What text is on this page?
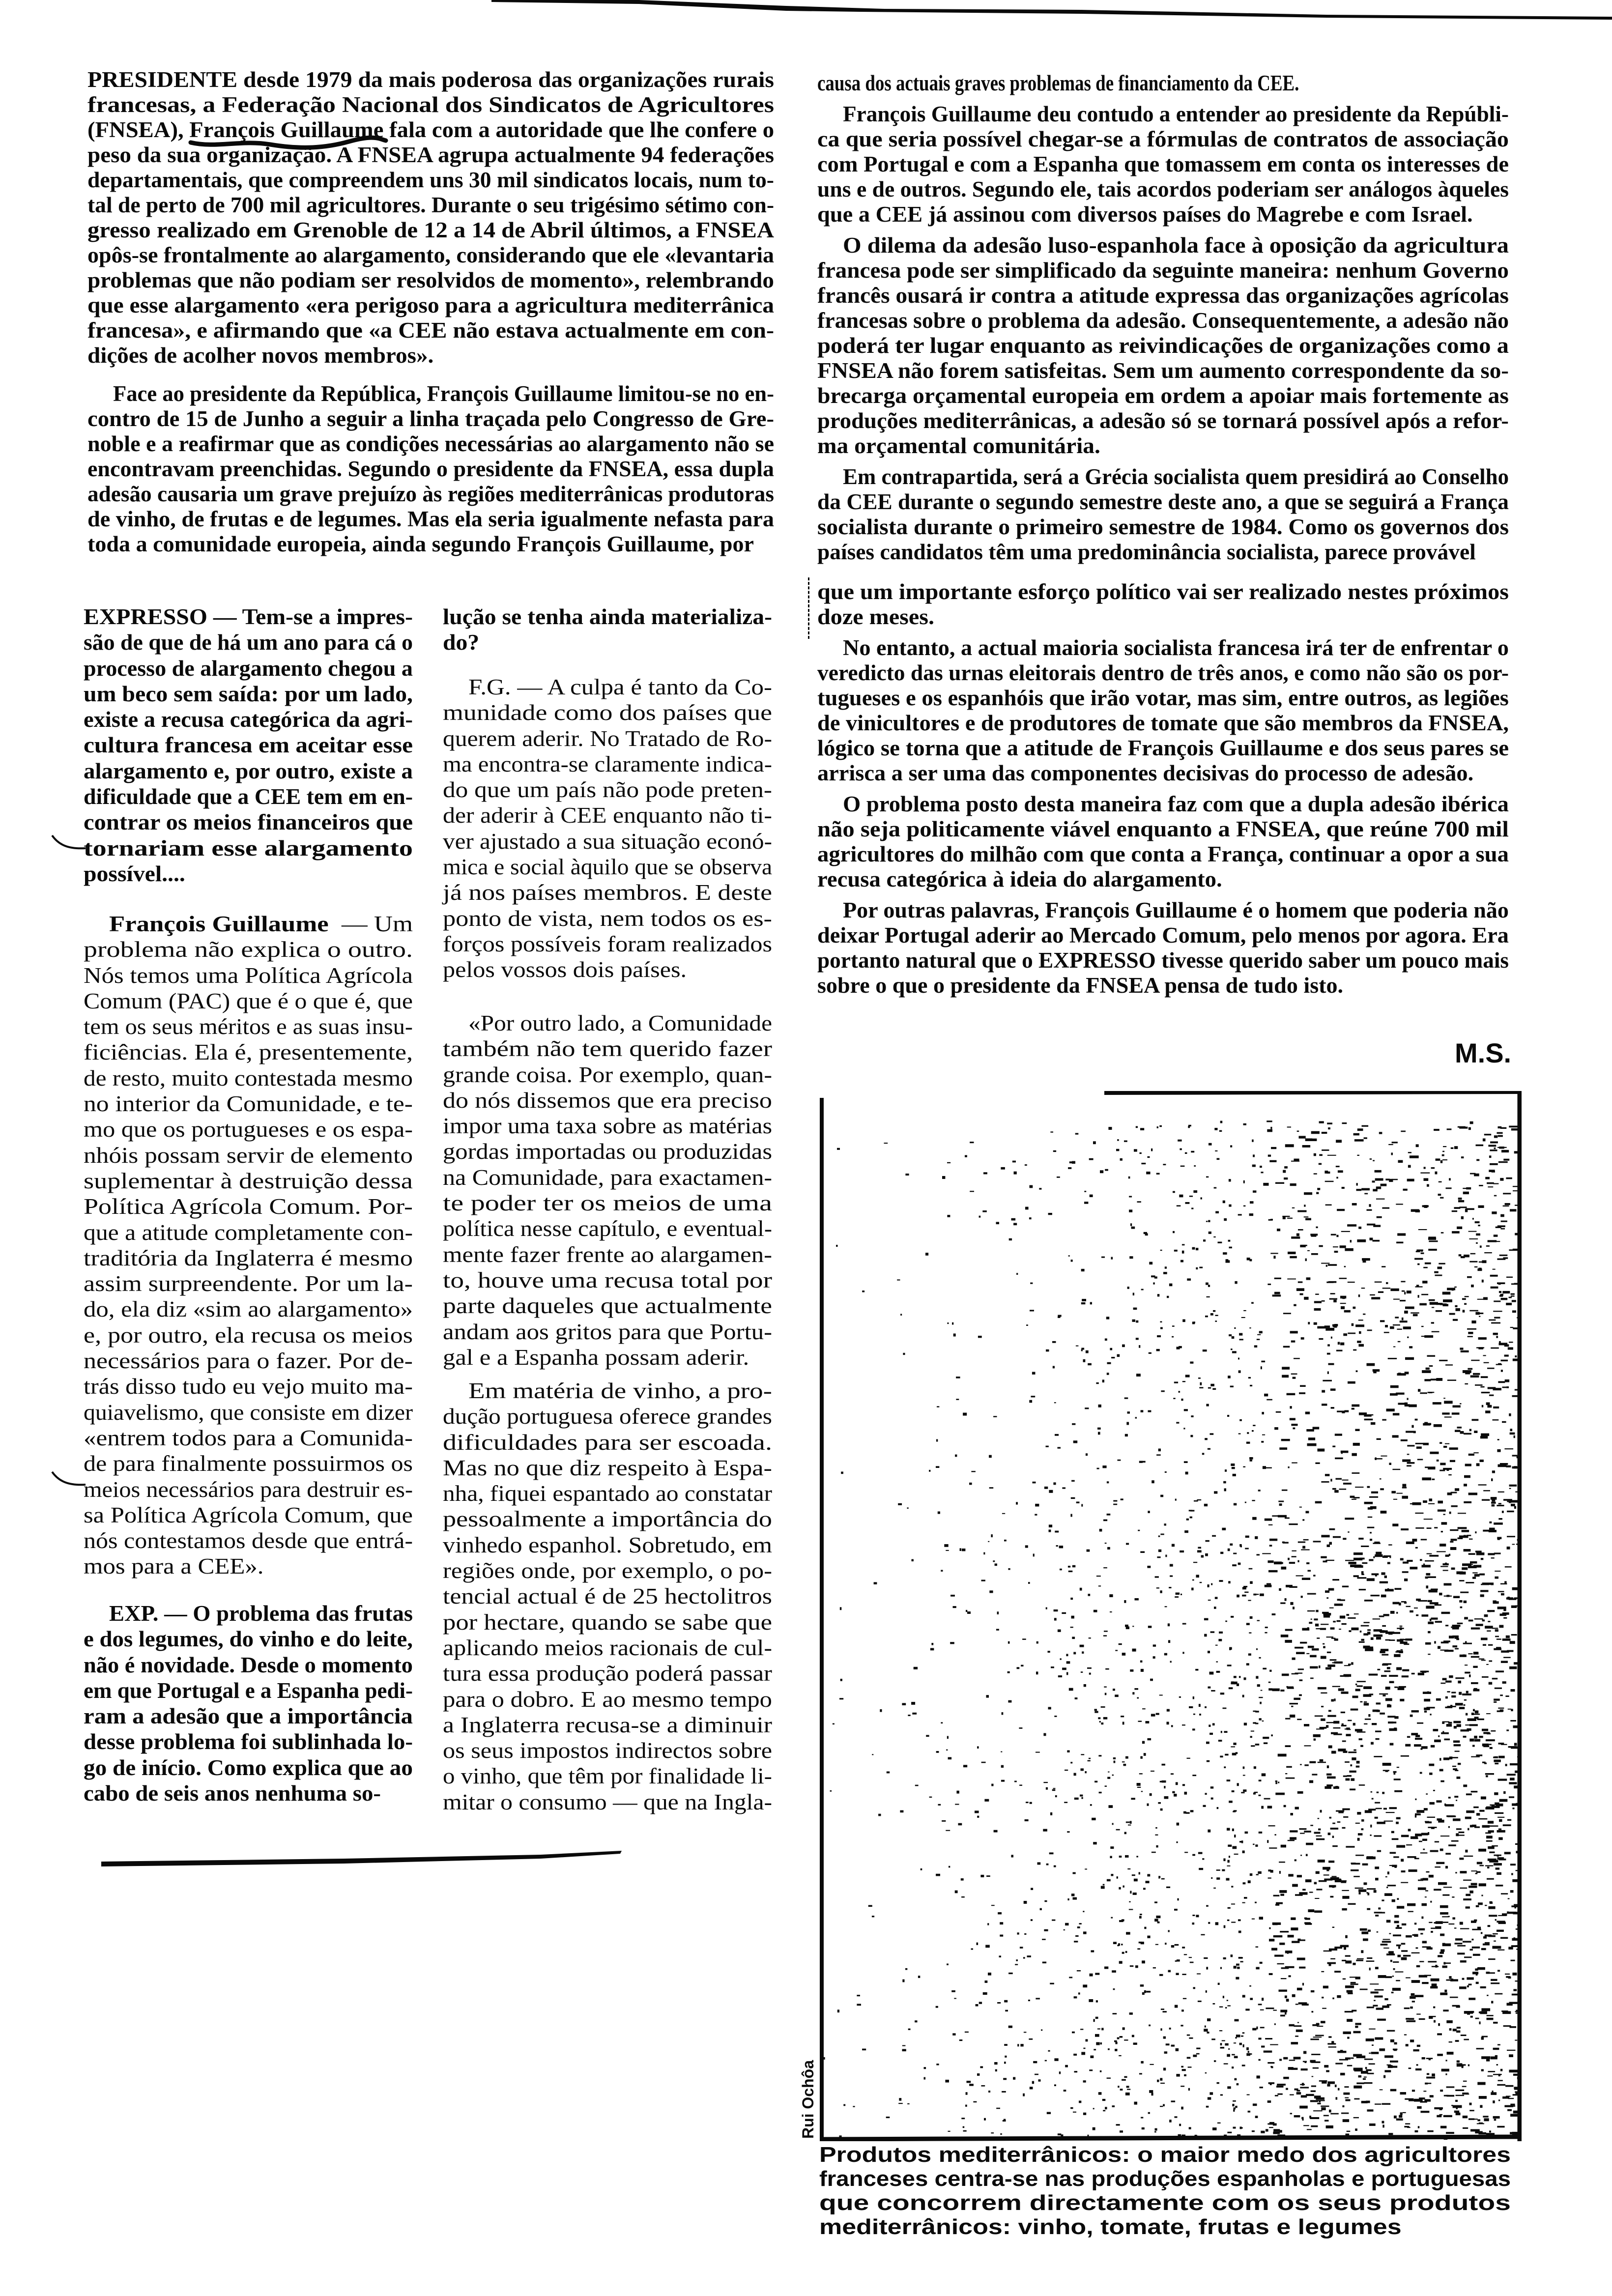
PRESIDENTE desde 1979 da mais poderosa das organizações rurais
francesas, a Federação Nacional dos Sindicatos de Agricultores
(FNSEA), François Guillaume fala com a autoridade que lhe confere o
peso da sua organização. A FNSEA agrupa actualmente 94 federações
departamentais, que compreendem uns 30 mil sindicatos locais, num to-
tal de perto de 700 mil agricultores. Durante o seu trigésimo sétimo con-
gresso realizado em Grenoble de 12 a 14 de Abril últimos, a FNSEA
opôs-se frontalmente ao alargamento, considerando que ele «levantaria
problemas que não podiam ser resolvidos de momento», relembrando
que esse alargamento «era perigoso para a agricultura mediterrânica
francesa», e afirmando que «a CEE não estava actualmente em con-
dições de acolher novos membros».
Face ao presidente da República, François Guillaume limitou-se no en-
contro de 15 de Junho a seguir a linha traçada pelo Congresso de Gre-
noble e a reafirmar que as condições necessárias ao alargamento não se
encontravam preenchidas. Segundo o presidente da FNSEA, essa dupla
adesão causaria um grave prejuízo às regiões mediterrânicas produtoras
de vinho, de frutas e de legumes. Mas ela seria igualmente nefasta para
toda a comunidade europeia, ainda segundo François Guillaume, por
causa dos actuais graves problemas de financiamento da CEE.
François Guillaume deu contudo a entender ao presidente da Repúbli-
ca que seria possível chegar-se a fórmulas de contratos de associação
com Portugal e com a Espanha que tomassem em conta os interesses de
uns e de outros. Segundo ele, tais acordos poderiam ser análogos àqueles
que a CEE já assinou com diversos países do Magrebe e com Israel.
O dilema da adesão luso-espanhola face à oposição da agricultura
francesa pode ser simplificado da seguinte maneira: nenhum Governo
francês ousará ir contra a atitude expressa das organizações agrícolas
francesas sobre o problema da adesão. Consequentemente, a adesão não
poderá ter lugar enquanto as reivindicações de organizações como a
FNSEA não forem satisfeitas. Sem um aumento correspondente da so-
brecarga orçamental europeia em ordem a apoiar mais fortemente as
produções mediterrânicas, a adesão só se tornará possível após a refor-
ma orçamental comunitária.
Em contrapartida, será a Grécia socialista quem presidirá ao Conselho
da CEE durante o segundo semestre deste ano, a que se seguirá a França
socialista durante o primeiro semestre de 1984. Como os governos dos
países candidatos têm uma predominância socialista, parece provável
que um importante esforço político vai ser realizado nestes próximos
doze meses.
No entanto, a actual maioria socialista francesa irá ter de enfrentar o
veredicto das urnas eleitorais dentro de três anos, e como não são os por-
tugueses e os espanhóis que irão votar, mas sim, entre outros, as legiões
de vinicultores e de produtores de tomate que são membros da FNSEA,
lógico se torna que a atitude de François Guillaume e dos seus pares se
arrisca a ser uma das componentes decisivas do processo de adesão.
O problema posto desta maneira faz com que a dupla adesão ibérica
não seja politicamente viável enquanto a FNSEA, que reúne 700 mil
agricultores do milhão com que conta a França, continuar a opor a sua
recusa categórica à ideia do alargamento.
Por outras palavras, François Guillaume é o homem que poderia não
deixar Portugal aderir ao Mercado Comum, pelo menos por agora. Era
portanto natural que o EXPRESSO tivesse querido saber um pouco mais
sobre o que o presidente da FNSEA pensa de tudo isto.
M.S.
EXPRESSO — Tem-se a impres-
são de que de há um ano para cá o
processo de alargamento chegou a
um beco sem saída: por um lado,
existe a recusa categórica da agri-
cultura francesa em aceitar esse
alargamento e, por outro, existe a
dificuldade que a CEE tem em en-
contrar os meios financeiros que
tornariam esse alargamento
possível....
François Guillaume — Um
problema não explica o outro.
Nós temos uma Política Agrícola
Comum (PAC) que é o que é, que
tem os seus méritos e as suas insu-
ficiências. Ela é, presentemente,
de resto, muito contestada mesmo
no interior da Comunidade, e te-
mo que os portugueses e os espa-
nhóis possam servir de elemento
suplementar à destruição dessa
Política Agrícola Comum. Por-
que a atitude completamente con-
traditória da Inglaterra é mesmo
assim surpreendente. Por um la-
do, ela diz «sim ao alargamento»
e, por outro, ela recusa os meios
necessários para o fazer. Por de-
trás disso tudo eu vejo muito ma-
quiavelismo, que consiste em dizer
«entrem todos para a Comunida-
de para finalmente possuirmos os
meios necessários para destruir es-
sa Política Agrícola Comum, que
nós contestamos desde que entrá-
mos para a CEE».
EXP. — O problema das frutas
e dos legumes, do vinho e do leite,
não é novidade. Desde o momento
em que Portugal e a Espanha pedi-
ram a adesão que a importância
desse problema foi sublinhada lo-
go de início. Como explica que ao
cabo de seis anos nenhuma so-
lução se tenha ainda materializa-
do?
F.G. — A culpa é tanto da Co-
munidade como dos países que
querem aderir. No Tratado de Ro-
ma encontra-se claramente indica-
do que um país não pode preten-
der aderir à CEE enquanto não ti-
ver ajustado a sua situação econó-
mica e social àquilo que se observa
já nos países membros. E deste
ponto de vista, nem todos os es-
forços possíveis foram realizados
pelos vossos dois países.
«Por outro lado, a Comunidade
também não tem querido fazer
grande coisa. Por exemplo, quan-
do nós dissemos que era preciso
impor uma taxa sobre as matérias
gordas importadas ou produzidas
na Comunidade, para exactamen-
te poder ter os meios de uma
política nesse capítulo, e eventual-
mente fazer frente ao alargamen-
to, houve uma recusa total por
parte daqueles que actualmente
andam aos gritos para que Portu-
gal e a Espanha possam aderir.
Em matéria de vinho, a pro-
dução portuguesa oferece grandes
dificuldades para ser escoada.
Mas no que diz respeito à Espa-
nha, fiquei espantado ao constatar
pessoalmente a importância do
vinhedo espanhol. Sobretudo, em
regiões onde, por exemplo, o po-
tencial actual é de 25 hectolitros
por hectare, quando se sabe que
aplicando meios racionais de cul-
tura essa produção poderá passar
para o dobro. E ao mesmo tempo
a Inglaterra recusa-se a diminuir
os seus impostos indirectos sobre
o vinho, que têm por finalidade li-
mitar o consumo — que na Ingla-
Rui Ochôa
Produtos mediterrânicos: o maior medo dos agricultores
franceses centra-se nas produções espanholas e portuguesas
que concorrem directamente com os seus produtos
mediterrânicos: vinho, tomate, frutas e legumes
